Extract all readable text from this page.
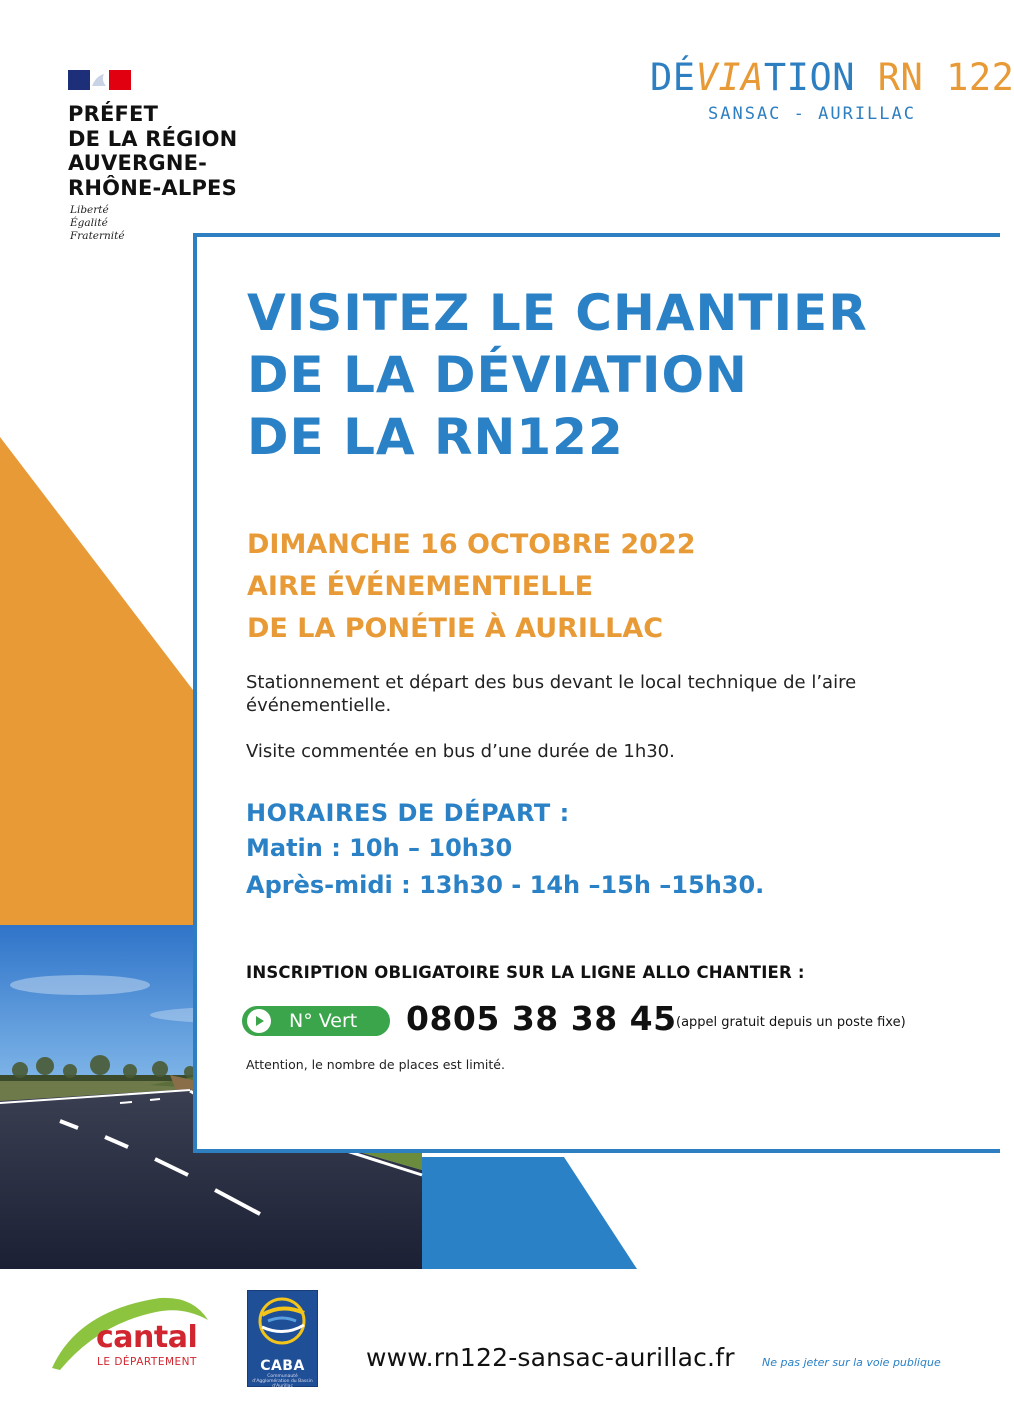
PRÉFET
DE LA RÉGION
AUVERGNE-
RHÔNE-ALPES
Liberté
Égalité
Fraternité
DÉVIATION RN 122
SANSAC - AURILLAC
VISITEZ LE CHANTIER
DE LA DÉVIATION
DE LA RN122
DIMANCHE 16 OCTOBRE 2022
AIRE ÉVÉNEMENTIELLE
DE LA PONÉTIE À AURILLAC
Stationnement et départ des bus devant le local technique de l’aire événementielle.
Visite commentée en bus d’une durée de 1h30.
HORAIRES DE DÉPART :
Matin : 10h – 10h30
Après-midi : 13h30 - 14h –15h –15h30.
INSCRIPTION OBLIGATOIRE SUR LA LIGNE ALLO CHANTIER :
N° Vert 0805 38 38 45 (appel gratuit depuis un poste fixe)
Attention, le nombre de places est limité.
cantal
LE DÉPARTEMENT	CABA
Communauté d'Agglomération du Bassin d'Aurillac
www.rn122-sansac-aurillac.fr Ne pas jeter sur la voie publique
